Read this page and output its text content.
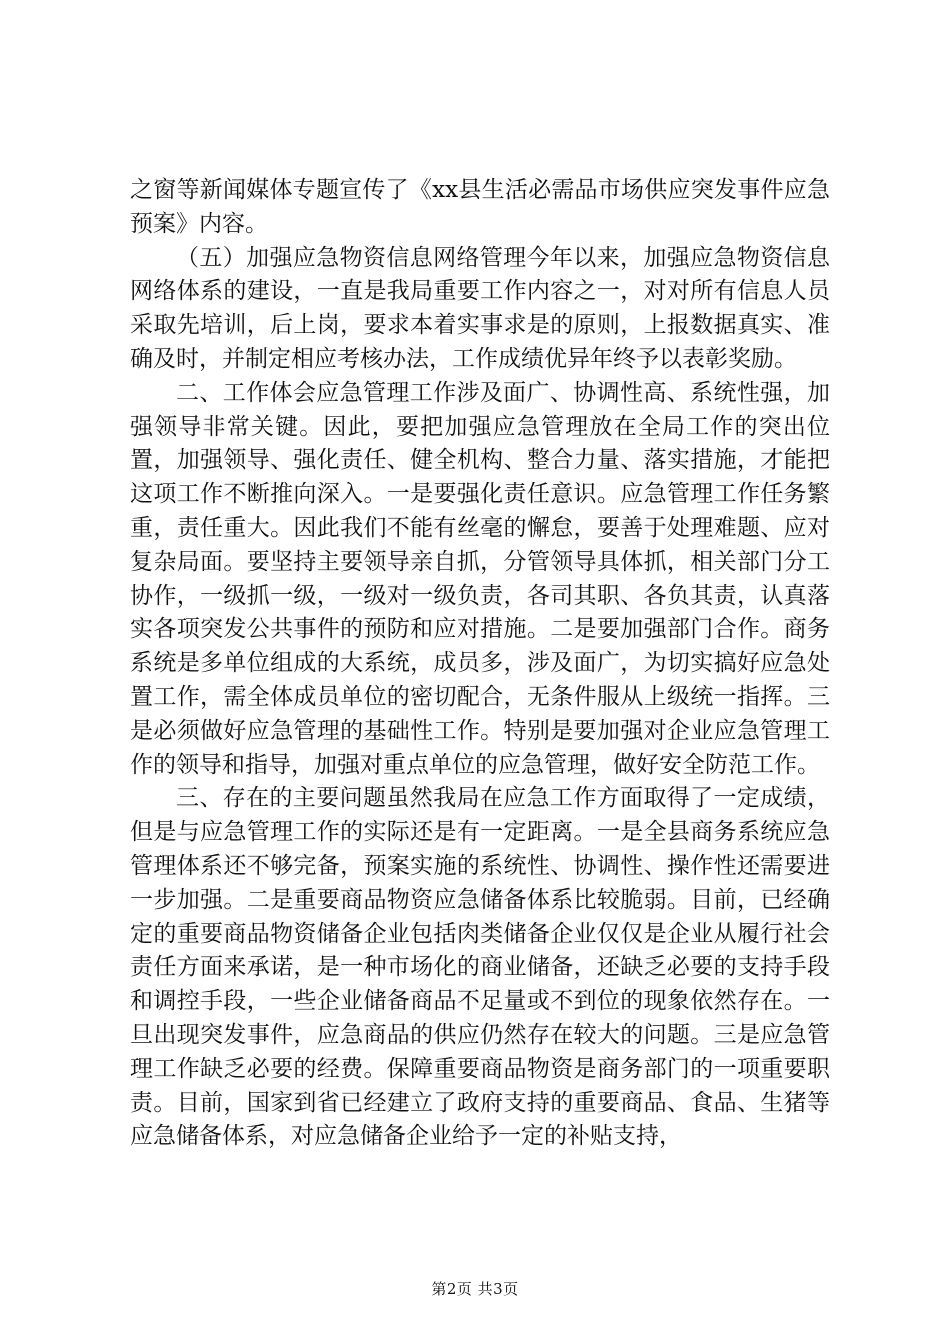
之窗等新闻媒体专题宣传了《xx县生活必需品市场供应突发事件应急预案》内容。

（五）加强应急物资信息网络管理今年以来，加强应急物资信息网络体系的建设，一直是我局重要工作内容之一，对对所有信息人员采取先培训，后上岗，要求本着实事求是的原则，上报数据真实、准确及时，并制定相应考核办法，工作成绩优异年终予以表彰奖励。

二、工作体会应急管理工作涉及面广、协调性高、系统性强，加强领导非常关键。因此，要把加强应急管理放在全局工作的突出位置，加强领导、强化责任、健全机构、整合力量、落实措施，才能把这项工作不断推向深入。一是要强化责任意识。应急管理工作任务繁重，责任重大。因此我们不能有丝毫的懈怠，要善于处理难题、应对复杂局面。要坚持主要领导亲自抓，分管领导具体抓，相关部门分工协作，一级抓一级，一级对一级负责，各司其职、各负其责，认真落实各项突发公共事件的预防和应对措施。二是要加强部门合作。商务系统是多单位组成的大系统，成员多，涉及面广，为切实搞好应急处置工作，需全体成员单位的密切配合，无条件服从上级统一指挥。三是必须做好应急管理的基础性工作。特别是要加强对企业应急管理工作的领导和指导，加强对重点单位的应急管理，做好安全防范工作。

三、存在的主要问题虽然我局在应急工作方面取得了一定成绩，但是与应急管理工作的实际还是有一定距离。一是全县商务系统应急管理体系还不够完备，预案实施的系统性、协调性、操作性还需要进一步加强。二是重要商品物资应急储备体系比较脆弱。目前，已经确定的重要商品物资储备企业包括肉类储备企业仅仅是企业从履行社会责任方面来承诺，是一种市场化的商业储备，还缺乏必要的支持手段和调控手段，一些企业储备商品不足量或不到位的现象依然存在。一旦出现突发事件，应急商品的供应仍然存在较大的问题。三是应急管理工作缺乏必要的经费。保障重要商品物资是商务部门的一项重要职责。目前，国家到省已经建立了政府支持的重要商品、食品、生猪等应急储备体系，对应急储备企业给予一定的补贴支持，

第2页 共3页
